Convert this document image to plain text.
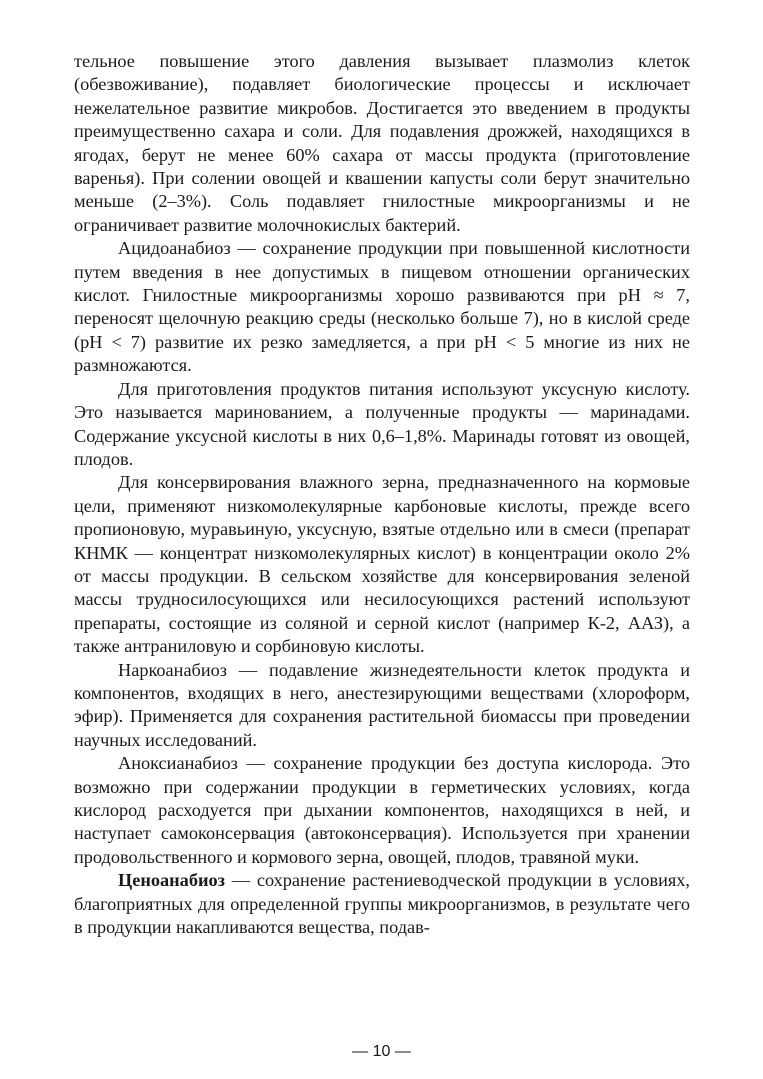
тельное повышение этого давления вызывает плазмолиз клеток (обезвоживание), подавляет биологические процессы и исключает нежелательное развитие микробов. Достигается это введением в продукты преимущественно сахара и соли. Для подавления дрожжей, находящихся в ягодах, берут не менее 60% сахара от массы продукта (приготовление варенья). При солении овощей и квашении капусты соли берут значительно меньше (2–3%). Соль подавляет гнилостные микроорганизмы и не ограничивает развитие молочнокислых бактерий.

Ацидоанабиоз — сохранение продукции при повышенной кислотности путем введения в нее допустимых в пищевом отношении органических кислот. Гнилостные микроорганизмы хорошо развиваются при pH ≈ 7, переносят щелочную реакцию среды (несколько больше 7), но в кислой среде (pH < 7) развитие их резко замедляется, а при pH < 5 многие из них не размножаются.

Для приготовления продуктов питания используют уксусную кислоту. Это называется маринованием, а полученные продукты — маринадами. Содержание уксусной кислоты в них 0,6–1,8%. Маринады готовят из овощей, плодов.

Для консервирования влажного зерна, предназначенного на кормовые цели, применяют низкомолекулярные карбоновые кислоты, прежде всего пропионовую, муравьиную, уксусную, взятые отдельно или в смеси (препарат КНМК — концентрат низкомолекулярных кислот) в концентрации около 2% от массы продукции. В сельском хозяйстве для консервирования зеленой массы трудносилосующихся или несилосующихся растений используют препараты, состоящие из соляной и серной кислот (например К-2, ААЗ), а также антраниловую и сорбиновую кислоты.

Наркоанабиоз — подавление жизнедеятельности клеток продукта и компонентов, входящих в него, анестезирующими веществами (хлороформ, эфир). Применяется для сохранения растительной биомассы при проведении научных исследований.

Аноксианабиоз — сохранение продукции без доступа кислорода. Это возможно при содержании продукции в герметических условиях, когда кислород расходуется при дыхании компонентов, находящихся в ней, и наступает самоконсервация (автоконсервация). Используется при хранении продовольственного и кормового зерна, овощей, плодов, травяной муки.

Ценоанабиоз — сохранение растениеводческой продукции в условиях, благоприятных для определенной группы микроорганизмов, в результате чего в продукции накапливаются вещества, подав-

— 10 —
